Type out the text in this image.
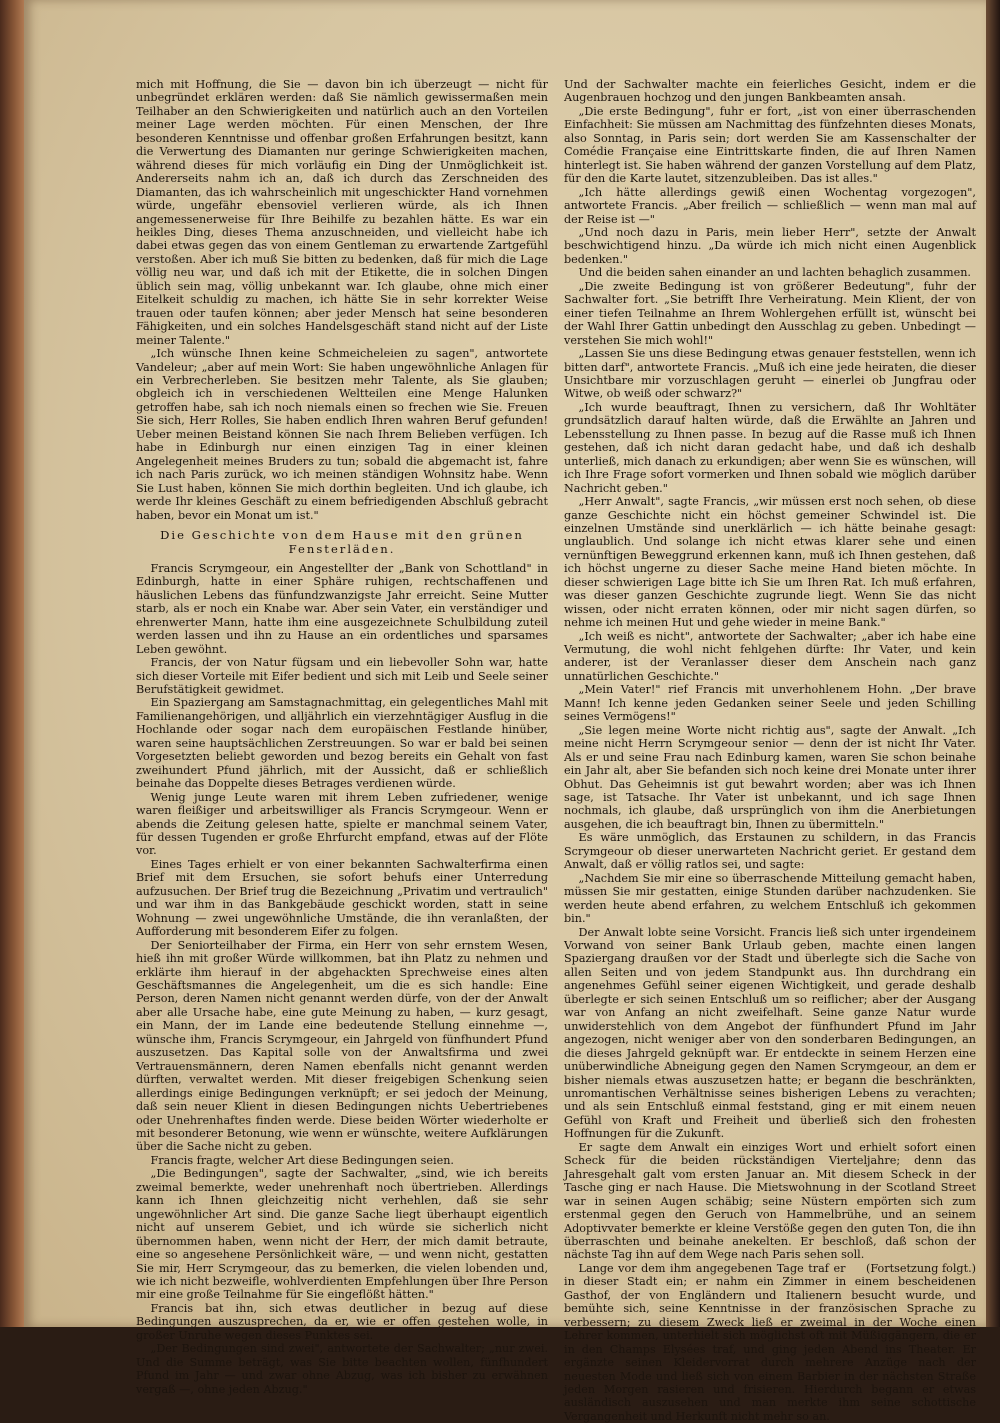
mich mit Hoffnung, die Sie — davon bin ich überzeugt — nicht für unbegründet erklären werden: daß Sie nämlich gewissermaßen mein Teilhaber an den Schwierigkeiten und natürlich auch an den Vorteilen meiner Lage werden möchten. Für einen Menschen, der Ihre besonderen Kenntnisse und offenbar großen Erfahrungen besitzt, kann die Verwertung des Diamanten nur geringe Schwierigkeiten machen, während dieses für mich vorläufig ein Ding der Unmöglichkeit ist. Andererseits nahm ich an, daß ich durch das Zerschneiden des Diamanten, das ich wahrscheinlich mit ungeschickter Hand vornehmen würde, ungefähr ebensoviel verlieren würde, als ich Ihnen angemessenerweise für Ihre Beihilfe zu bezahlen hätte. Es war ein heikles Ding, dieses Thema anzuschneiden, und vielleicht habe ich dabei etwas gegen das von einem Gentleman zu erwartende Zartgefühl verstoßen. Aber ich muß Sie bitten zu bedenken, daß für mich die Lage völlig neu war, und daß ich mit der Etikette, die in solchen Dingen üblich sein mag, völlig unbekannt war. Ich glaube, ohne mich einer Eitelkeit schuldig zu machen, ich hätte Sie in sehr korrekter Weise trauen oder taufen können; aber jeder Mensch hat seine besonderen Fähigkeiten, und ein solches Handelsgeschäft stand nicht auf der Liste meiner Talente."

„Ich wünsche Ihnen keine Schmeicheleien zu sagen", antwortete Vandeleur; „aber auf mein Wort: Sie haben ungewöhnliche Anlagen für ein Verbrecherleben. Sie besitzen mehr Talente, als Sie glauben; obgleich ich in verschiedenen Weltteilen eine Menge Halunken getroffen habe, sah ich noch niemals einen so frechen wie Sie. Freuen Sie sich, Herr Rolles, Sie haben endlich Ihren wahren Beruf gefunden! Ueber meinen Beistand können Sie nach Ihrem Belieben verfügen. Ich habe in Edinburgh nur einen einzigen Tag in einer kleinen Angelegenheit meines Bruders zu tun; sobald die abgemacht ist, fahre ich nach Paris zurück, wo ich meinen ständigen Wohnsitz habe. Wenn Sie Lust haben, können Sie mich dorthin begleiten. Und ich glaube, ich werde Ihr kleines Geschäft zu einem befriedigenden Abschluß gebracht haben, bevor ein Monat um ist."

Die Geschichte von dem Hause mit den grünen Fensterläden.

Francis Scrymgeour, ein Angestellter der „Bank von Schottland" in Edinburgh, hatte in einer Sphäre ruhigen, rechtschaffenen und häuslichen Lebens das fünfundzwanzigste Jahr erreicht. Seine Mutter starb, als er noch ein Knabe war. Aber sein Vater, ein verständiger und ehrenwerter Mann, hatte ihm eine ausgezeichnete Schulbildung zuteil werden lassen und ihn zu Hause an ein ordentliches und sparsames Leben gewöhnt.

Francis, der von Natur fügsam und ein liebevoller Sohn war, hatte sich dieser Vorteile mit Eifer bedient und sich mit Leib und Seele seiner Berufstätigkeit gewidmet.

Ein Spaziergang am Samstagnachmittag, ein gelegentliches Mahl mit Familienangehörigen, und alljährlich ein vierzehntägiger Ausflug in die Hochlande oder sogar nach dem europäischen Festlande hinüber, waren seine hauptsächlichen Zerstreuungen. So war er bald bei seinen Vorgesetzten beliebt geworden und bezog bereits ein Gehalt von fast zweihundert Pfund jährlich, mit der Aussicht, daß er schließlich beinahe das Doppelte dieses Betrages verdienen würde.

Wenig junge Leute waren mit ihrem Leben zufriedener, wenige waren fleißiger und arbeitswilliger als Francis Scrymgeour. Wenn er abends die Zeitung gelesen hatte, spielte er manchmal seinem Vater, für dessen Tugenden er große Ehrfurcht empfand, etwas auf der Flöte vor.

Eines Tages erhielt er von einer bekannten Sachwalterfirma einen Brief mit dem Ersuchen, sie sofort behufs einer Unterredung aufzusuchen. Der Brief trug die Bezeichnung „Privatim und vertraulich" und war ihm in das Bankgebäude geschickt worden, statt in seine Wohnung — zwei ungewöhnliche Umstände, die ihn veranlaßten, der Aufforderung mit besonderem Eifer zu folgen.

Der Seniorteilhaber der Firma, ein Herr von sehr ernstem Wesen, hieß ihn mit großer Würde willkommen, bat ihn Platz zu nehmen und erklärte ihm hierauf in der abgehackten Sprechweise eines alten Geschäftsmannes die Angelegenheit, um die es sich handle: Eine Person, deren Namen nicht genannt werden dürfe, von der der Anwalt aber alle Ursache habe, eine gute Meinung zu haben, — kurz gesagt, ein Mann, der im Lande eine bedeutende Stellung einnehme —, wünsche ihm, Francis Scrymgeour, ein Jahrgeld von fünfhundert Pfund auszusetzen. Das Kapital solle von der Anwaltsfirma und zwei Vertrauensmännern, deren Namen ebenfalls nicht genannt werden dürften, verwaltet werden. Mit dieser freigebigen Schenkung seien allerdings einige Bedingungen verknüpft; er sei jedoch der Meinung, daß sein neuer Klient in diesen Bedingungen nichts Uebertriebenes oder Unehrenhaftes finden werde. Diese beiden Wörter wiederholte er mit besonderer Betonung, wie wenn er wünschte, weitere Aufklärungen über die Sache nicht zu geben.

Francis fragte, welcher Art diese Bedingungen seien.

„Die Bedingungen", sagte der Sachwalter, „sind, wie ich bereits zweimal bemerkte, weder unehrenhaft noch übertrieben. Allerdings kann ich Ihnen gleichzeitig nicht verhehlen, daß sie sehr ungewöhnlicher Art sind. Die ganze Sache liegt überhaupt eigentlich nicht auf unserem Gebiet, und ich würde sie sicherlich nicht übernommen haben, wenn nicht der Herr, der mich damit betraute, eine so angesehene Persönlichkeit wäre, — und wenn nicht, gestatten Sie mir, Herr Scrymgeour, das zu bemerken, die vielen lobenden und, wie ich nicht bezweifle, wohlverdienten Empfehlungen über Ihre Person mir eine große Teilnahme für Sie eingeflößt hätten."

Francis bat ihn, sich etwas deutlicher in bezug auf diese Bedingungen auszusprechen, da er, wie er offen gestehen wolle, in großer Unruhe wegen dieses Punktes sei.

„Der Bedingungen sind zwei", antwortete der Sachwalter; „nur zwei. Und die Summe beträgt, was Sie bitte beachten wollen, fünfhundert Pfund im Jahr — und zwar ohne Abzug, was ich bisher zu erwähnen vergaß —, ohne jeden Abzug."

Und der Sachwalter machte ein feierliches Gesicht, indem er die Augenbrauen hochzog und den jungen Bankbeamten ansah.

„Die erste Bedingung", fuhr er fort, „ist von einer überraschenden Einfachheit: Sie müssen am Nachmittag des fünfzehnten dieses Monats, also Sonntag, in Paris sein; dort werden Sie am Kassenschalter der Comédie Française eine Eintrittskarte finden, die auf Ihren Namen hinterlegt ist. Sie haben während der ganzen Vorstellung auf dem Platz, für den die Karte lautet, sitzenzubleiben. Das ist alles."

„Ich hätte allerdings gewiß einen Wochentag vorgezogen", antwortete Francis. „Aber freilich — schließlich — wenn man mal auf der Reise ist —"

„Und noch dazu in Paris, mein lieber Herr", setzte der Anwalt beschwichtigend hinzu. „Da würde ich mich nicht einen Augenblick bedenken."

Und die beiden sahen einander an und lachten behaglich zusammen.

„Die zweite Bedingung ist von größerer Bedeutung", fuhr der Sachwalter fort. „Sie betrifft Ihre Verheiratung. Mein Klient, der von einer tiefen Teilnahme an Ihrem Wohlergehen erfüllt ist, wünscht bei der Wahl Ihrer Gattin unbedingt den Ausschlag zu geben. Unbedingt — verstehen Sie mich wohl!"

„Lassen Sie uns diese Bedingung etwas genauer feststellen, wenn ich bitten darf", antwortete Francis. „Muß ich eine jede heiraten, die dieser Unsichtbare mir vorzuschlagen geruht — einerlei ob Jungfrau oder Witwe, ob weiß oder schwarz?"

„Ich wurde beauftragt, Ihnen zu versichern, daß Ihr Wohltäter grundsätzlich darauf halten würde, daß die Erwählte an Jahren und Lebensstellung zu Ihnen passe. In bezug auf die Rasse muß ich Ihnen gestehen, daß ich nicht daran gedacht habe, und daß ich deshalb unterließ, mich danach zu erkundigen; aber wenn Sie es wünschen, will ich Ihre Frage sofort vormerken und Ihnen sobald wie möglich darüber Nachricht geben."

„Herr Anwalt", sagte Francis, „wir müssen erst noch sehen, ob diese ganze Geschichte nicht ein höchst gemeiner Schwindel ist. Die einzelnen Umstände sind unerklärlich — ich hätte beinahe gesagt: unglaublich. Und solange ich nicht etwas klarer sehe und einen vernünftigen Beweggrund erkennen kann, muß ich Ihnen gestehen, daß ich höchst ungerne zu dieser Sache meine Hand bieten möchte. In dieser schwierigen Lage bitte ich Sie um Ihren Rat. Ich muß erfahren, was dieser ganzen Geschichte zugrunde liegt. Wenn Sie das nicht wissen, oder nicht erraten können, oder mir nicht sagen dürfen, so nehme ich meinen Hut und gehe wieder in meine Bank."

„Ich weiß es nicht", antwortete der Sachwalter; „aber ich habe eine Vermutung, die wohl nicht fehlgehen dürfte: Ihr Vater, und kein anderer, ist der Veranlasser dieser dem Anschein nach ganz unnatürlichen Geschichte."

„Mein Vater!" rief Francis mit unverhohlenem Hohn. „Der brave Mann! Ich kenne jeden Gedanken seiner Seele und jeden Schilling seines Vermögens!"

„Sie legen meine Worte nicht richtig aus", sagte der Anwalt. „Ich meine nicht Herrn Scrymgeour senior — denn der ist nicht Ihr Vater. Als er und seine Frau nach Edinburg kamen, waren Sie schon beinahe ein Jahr alt, aber Sie befanden sich noch keine drei Monate unter ihrer Obhut. Das Geheimnis ist gut bewahrt worden; aber was ich Ihnen sage, ist Tatsache. Ihr Vater ist unbekannt, und ich sage Ihnen nochmals, ich glaube, daß ursprünglich von ihm die Anerbietungen ausgehen, die ich beauftragt bin, Ihnen zu übermitteln."

Es wäre unmöglich, das Erstaunen zu schildern, in das Francis Scrymgeour ob dieser unerwarteten Nachricht geriet. Er gestand dem Anwalt, daß er völlig ratlos sei, und sagte:

„Nachdem Sie mir eine so überraschende Mitteilung gemacht haben, müssen Sie mir gestatten, einige Stunden darüber nachzudenken. Sie werden heute abend erfahren, zu welchem Entschluß ich gekommen bin."

Der Anwalt lobte seine Vorsicht. Francis ließ sich unter irgendeinem Vorwand von seiner Bank Urlaub geben, machte einen langen Spaziergang draußen vor der Stadt und überlegte sich die Sache von allen Seiten und von jedem Standpunkt aus. Ihn durchdrang ein angenehmes Gefühl seiner eigenen Wichtigkeit, und gerade deshalb überlegte er sich seinen Entschluß um so reiflicher; aber der Ausgang war von Anfang an nicht zweifelhaft. Seine ganze Natur wurde unwiderstehlich von dem Angebot der fünfhundert Pfund im Jahr angezogen, nicht weniger aber von den sonderbaren Bedingungen, an die dieses Jahrgeld geknüpft war. Er entdeckte in seinem Herzen eine unüberwindliche Abneigung gegen den Namen Scrymgeour, an dem er bisher niemals etwas auszusetzen hatte; er begann die beschränkten, unromantischen Verhältnisse seines bisherigen Lebens zu verachten; und als sein Entschluß einmal feststand, ging er mit einem neuen Gefühl von Kraft und Freiheit und überließ sich den frohesten Hoffnungen für die Zukunft.

Er sagte dem Anwalt ein einziges Wort und erhielt sofort einen Scheck für die beiden rückständigen Vierteljahre; denn das Jahresgehalt galt vom ersten Januar an. Mit diesem Scheck in der Tasche ging er nach Hause. Die Mietswohnung in der Scotland Street war in seinen Augen schäbig; seine Nüstern empörten sich zum erstenmal gegen den Geruch von Hammelbrühe, und an seinem Adoptivvater bemerkte er kleine Verstöße gegen den guten Ton, die ihn überraschten und beinahe anekelten. Er beschloß, daß schon der nächste Tag ihn auf dem Wege nach Paris sehen soll.

(Fortsetzung folgt.)
Lange vor dem ihm angegebenen Tage traf er in dieser Stadt ein; er nahm ein Zimmer in einem bescheidenen Gasthof, der von Engländern und Italienern besucht wurde, und bemühte sich, seine Kenntnisse in der französischen Sprache zu verbessern; zu diesem Zweck ließ er zweimal in der Woche einen Lehrer kommen, unterhielt sich möglichst oft mit Müßiggängern, die er in den Champs Elysées traf, und ging jeden Abend ins Theater. Er ergänzte seinen Kleidervorrat durch mehrere Anzüge nach der neuesten Mode und ließ sich von einem Barbier in der nächsten Straße jeden Morgen rasieren und frisieren. Hierdurch begann er etwas ausländisch auszusehen und man merkte ihm seine schottische Vergangenheit und Herkunft nicht mehr so an.
